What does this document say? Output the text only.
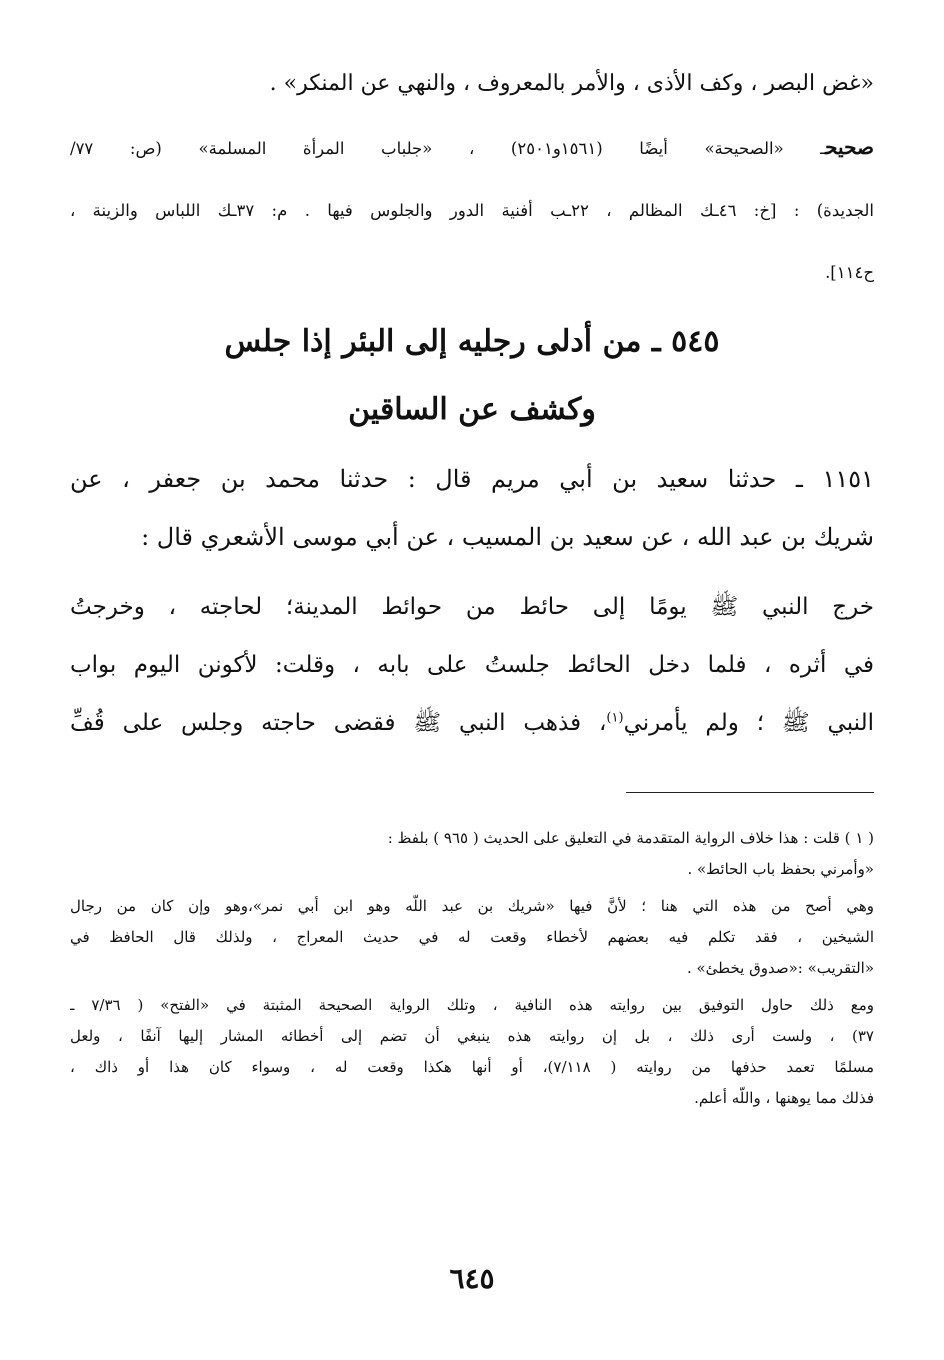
«غض البصر ، وكف الأذى ، والأمر بالمعروف ، والنهي عن المنكر» .
صحيحـ «الصحيحة» أيضًا (١٥٦١و٢٥٠١) ، «جلباب المرأة المسلمة» (ص: ٧٧/
الجديدة) : [خ: ٤٦ـك المظالم ، ٢٢ـب أفنية الدور والجلوس فيها . م: ٣٧ـك اللباس والزينة ،
ح١١٤].
٥٤٥ ـ من أدلى رجليه إلى البئر إذا جلس
وكشف عن الساقين
١١٥١ ـ حدثنا سعيد بن أبي مريم قال : حدثنا محمد بن جعفر ، عن
شريك بن عبد الله ، عن سعيد بن المسيب ، عن أبي موسى الأشعري قال :
خرج النبي ﷺ يومًا إلى حائط من حوائط المدينة؛ لحاجته ، وخرجتُ
في أثره ، فلما دخل الحائط جلستُ على بابه ، وقلت: لأكونن اليوم بواب
النبي ﷺ ؛ ولم يأمرني$^{(١)}$، فذهب النبي ﷺ فقضى حاجته وجلس على قُفِّ
( ١ ) قلت : هذا خلاف الرواية المتقدمة في التعليق على الحديث ( ٩٦٥ ) بلفظ :
«وأمرني بحفظ باب الحائط» .
وهي أصح من هذه التي هنا ؛ لأنَّ فيها «شريك بن عبد اللّه وهو ابن أبي نمر»،وهو وإن كان من رجال
الشيخين ، فقد تكلم فيه بعضهم لأخطاء وقعت له في حديث المعراج ، ولذلك قال الحافظ في
«التقريب» :«صدوق يخطئ» .
ومع ذلك حاول التوفيق بين روايته هذه النافية ، وتلك الرواية الصحيحة المثبتة في «الفتح» ( ٧/٣٦ ـ
٣٧) ، ولست أرى ذلك ، بل إن روايته هذه ينبغي أن تضم إلى أخطائه المشار إليها آنفًا ، ولعل
مسلمًا تعمد حذفها من روايته ( ٧/١١٨)، أو أنها هكذا وقعت له ، وسواء كان هذا أو ذاك ،
فذلك مما يوهنها ، واللّه أعلم.
٦٤٥
